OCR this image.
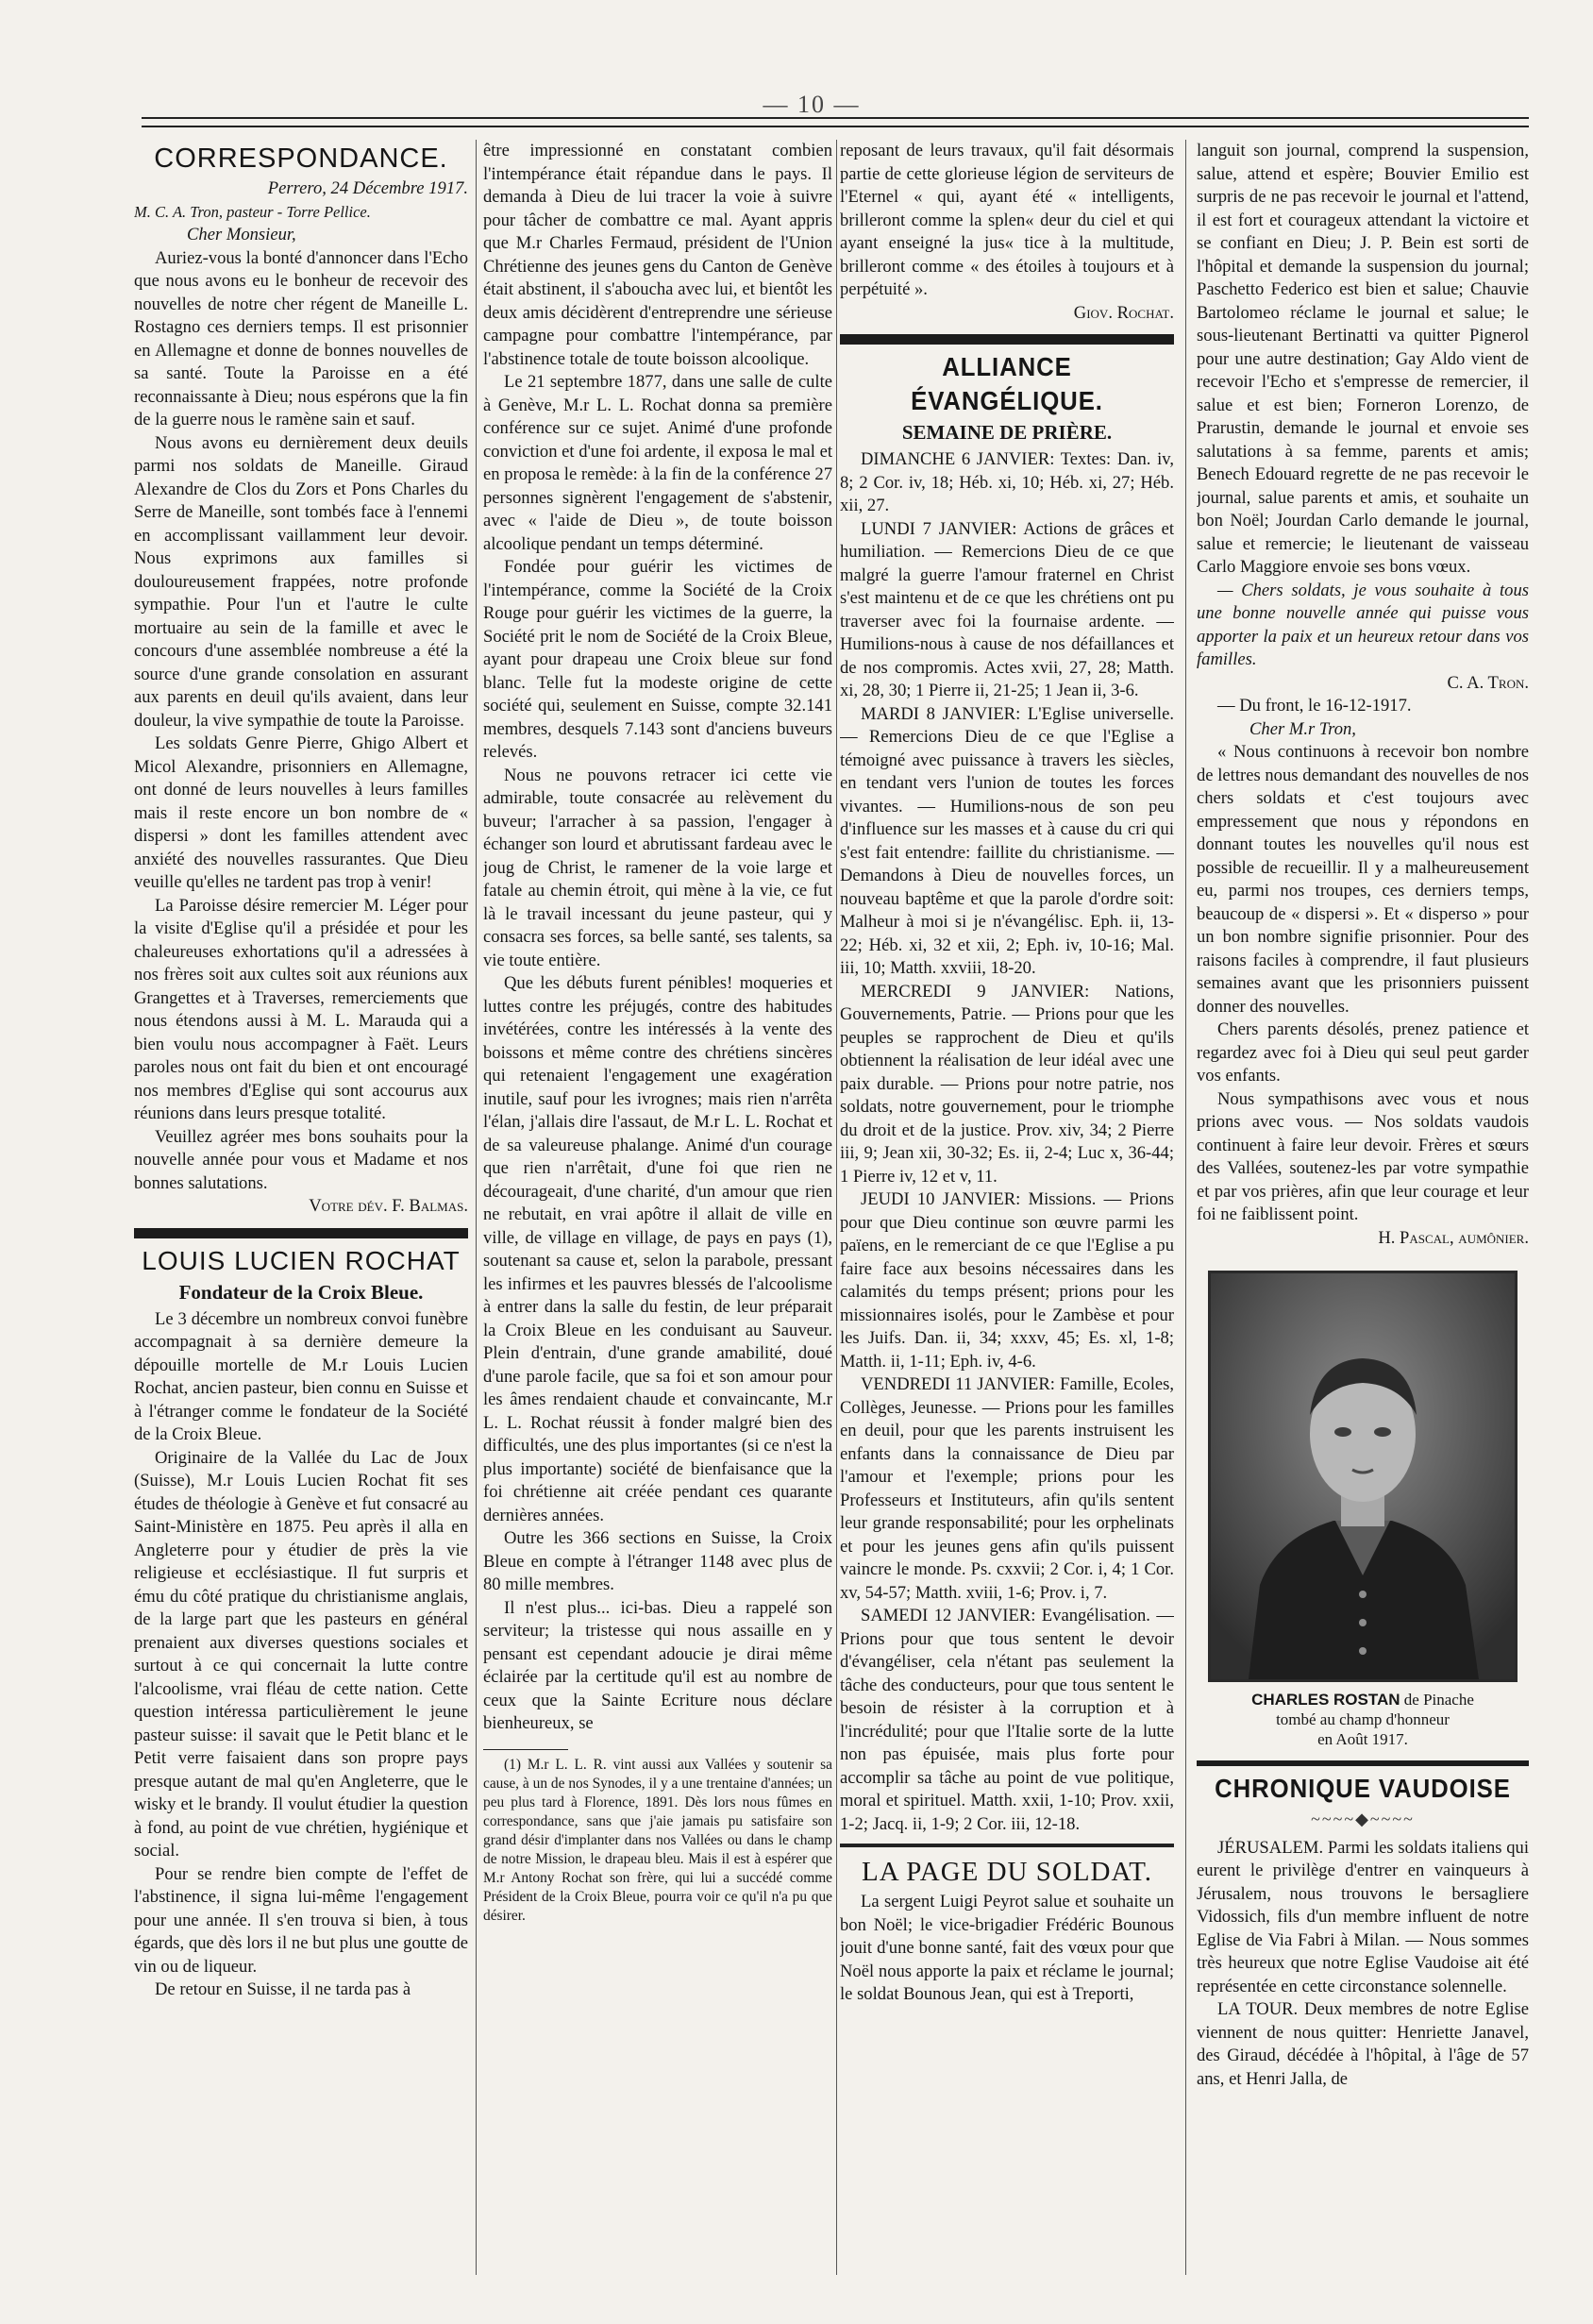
— 10 —
CORRESPONDANCE.

Perrero, 24 Décembre 1917.

M. C. A. Tron, pasteur - Torre Pellice.

Cher Monsieur,

Auriez-vous la bonté d'annoncer dans l'Echo que nous avons eu le bonheur de recevoir des nouvelles de notre cher régent de Maneille L. Rostagno ces derniers temps. Il est prisonnier en Allemagne et donne de bonnes nouvelles de sa santé. Toute la Paroisse en a été reconnaissante à Dieu; nous espérons que la fin de la guerre nous le ramène sain et sauf.

Nous avons eu dernièrement deux deuils parmi nos soldats de Maneille. Giraud Alexandre de Clos du Zors et Pons Charles du Serre de Maneille, sont tombés face à l'ennemi en accomplissant vaillamment leur devoir. Nous exprimons aux familles si douloureusement frappées, notre profonde sympathie. Pour l'un et l'autre le culte mortuaire au sein de la famille et avec le concours d'une assemblée nombreuse a été la source d'une grande consolation en assurant aux parents en deuil qu'ils avaient, dans leur douleur, la vive sympathie de toute la Paroisse.

Les soldats Genre Pierre, Ghigo Albert et Micol Alexandre, prisonniers en Allemagne, ont donné de leurs nouvelles à leurs familles mais il reste encore un bon nombre de « dispersi » dont les familles attendent avec anxiété des nouvelles rassurantes. Que Dieu veuille qu'elles ne tardent pas trop à venir!

La Paroisse désire remercier M. Léger pour la visite d'Eglise qu'il a présidée et pour les chaleureuses exhortations qu'il a adressées à nos frères soit aux cultes soit aux réunions aux Grangettes et à Traverses, remerciements que nous étendons aussi à M. L. Marauda qui a bien voulu nous accompagner à Faët. Leurs paroles nous ont fait du bien et ont encouragé nos membres d'Eglise qui sont accourus aux réunions dans leurs presque totalité.

Veuillez agréer mes bons souhaits pour la nouvelle année pour vous et Madame et nos bonnes salutations.

Votre dév. F. Balmas.

LOUIS LUCIEN ROCHAT
Fondateur de la Croix Bleue.

Le 3 décembre un nombreux convoi funèbre accompagnait à sa dernière demeure la dépouille mortelle de M.r Louis Lucien Rochat, ancien pasteur, bien connu en Suisse et à l'étranger comme le fondateur de la Société de la Croix Bleue.

Originaire de la Vallée du Lac de Joux (Suisse), M.r Louis Lucien Rochat fit ses études de théologie à Genève et fut consacré au Saint-Ministère en 1875. Peu après il alla en Angleterre pour y étudier de près la vie religieuse et ecclésiastique. Il fut surpris et ému du côté pratique du christianisme anglais, de la large part que les pasteurs en général prenaient aux diverses questions sociales et surtout à ce qui concernait la lutte contre l'alcoolisme, vrai fléau de cette nation. Cette question intéressa particulièrement le jeune pasteur suisse: il savait que le Petit blanc et le Petit verre faisaient dans son propre pays presque autant de mal qu'en Angleterre, que le wisky et le brandy. Il voulut étudier la question à fond, au point de vue chrétien, hygiénique et social.

Pour se rendre bien compte de l'effet de l'abstinence, il signa lui-même l'engagement pour une année. Il s'en trouva si bien, à tous égards, que dès lors il ne but plus une goutte de vin ou de liqueur.

De retour en Suisse, il ne tarda pas à

être impressionné en constatant combien l'intempérance était répandue dans le pays. Il demanda à Dieu de lui tracer la voie à suivre pour tâcher de combattre ce mal. Ayant appris que M.r Charles Fermaud, président de l'Union Chrétienne des jeunes gens du Canton de Genève était abstinent, il s'aboucha avec lui, et bientôt les deux amis décidèrent d'entreprendre une sérieuse campagne pour combattre l'intempérance, par l'abstinence totale de toute boisson alcoolique.

Le 21 septembre 1877, dans une salle de culte à Genève, M.r L. L. Rochat donna sa première conférence sur ce sujet. Animé d'une profonde conviction et d'une foi ardente, il exposa le mal et en proposa le remède: à la fin de la conférence 27 personnes signèrent l'engagement de s'abstenir, avec « l'aide de Dieu », de toute boisson alcoolique pendant un temps déterminé.

Fondée pour guérir les victimes de l'intempérance, comme la Société de la Croix Rouge pour guérir les victimes de la guerre, la Société prit le nom de Société de la Croix Bleue, ayant pour drapeau une Croix bleue sur fond blanc. Telle fut la modeste origine de cette société qui, seulement en Suisse, compte 32.141 membres, desquels 7.143 sont d'anciens buveurs relevés.

Nous ne pouvons retracer ici cette vie admirable, toute consacrée au relèvement du buveur; l'arracher à sa passion, l'engager à échanger son lourd et abrutissant fardeau avec le joug de Christ, le ramener de la voie large et fatale au chemin étroit, qui mène à la vie, ce fut là le travail incessant du jeune pasteur, qui y consacra ses forces, sa belle santé, ses talents, sa vie toute entière.

Que les débuts furent pénibles! moqueries et luttes contre les préjugés, contre des habitudes invétérées, contre les intéressés à la vente des boissons et même contre des chrétiens sincères qui retenaient l'engagement une exagération inutile, sauf pour les ivrognes; mais rien n'arrêta l'élan, j'allais dire l'assaut, de M.r L. L. Rochat et de sa valeureuse phalange. Animé d'un courage que rien n'arrêtait, d'une foi que rien ne décourageait, d'une charité, d'un amour que rien ne rebutait, en vrai apôtre il allait de ville en ville, de village en village, de pays en pays (1), soutenant sa cause et, selon la parabole, pressant les infirmes et les pauvres blessés de l'alcoolisme à entrer dans la salle du festin, de leur préparait la Croix Bleue en les conduisant au Sauveur. Plein d'entrain, d'une grande amabilité, doué d'une parole facile, que sa foi et son amour pour les âmes rendaient chaude et convaincante, M.r L. L. Rochat réussit à fonder malgré bien des difficultés, une des plus importantes (si ce n'est la plus importante) société de bienfaisance que la foi chrétienne ait créée pendant ces quarante dernières années.

Outre les 366 sections en Suisse, la Croix Bleue en compte à l'étranger 1148 avec plus de 80 mille membres.

Il n'est plus... ici-bas. Dieu a rappelé son serviteur; la tristesse qui nous assaille en y pensant est cependant adoucie je dirai même éclairée par la certitude qu'il est au nombre de ceux que la Sainte Ecriture nous déclare bienheureux, se

(1) M.r L. L. R. vint aussi aux Vallées y soutenir sa cause, à un de nos Synodes, il y a une trentaine d'années; un peu plus tard à Florence, 1891. Dès lors nous fûmes en correspondance, sans que j'aie jamais pu satisfaire son grand désir d'implanter dans nos Vallées ou dans le champ de notre Mission, le drapeau bleu. Mais il est à espérer que M.r Antony Rochat son frère, qui lui a succédé comme Président de la Croix Bleue, pourra voir ce qu'il n'a pu que désirer.

reposant de leurs travaux, qu'il fait désormais partie de cette glorieuse légion de serviteurs de l'Eternel « qui, ayant été « intelligents, brilleront comme la splen« deur du ciel et qui ayant enseigné la jus« tice à la multitude, brilleront comme « des étoiles à toujours et à perpétuité ».

Giov. Rochat.

ALLIANCE ÉVANGÉLIQUE.
SEMAINE DE PRIÈRE.

DIMANCHE 6 JANVIER: Textes: Dan. iv, 8; 2 Cor. iv, 18; Héb. xi, 10; Héb. xi, 27; Héb. xii, 27.

LUNDI 7 JANVIER: Actions de grâces et humiliation. — Remercions Dieu de ce que malgré la guerre l'amour fraternel en Christ s'est maintenu et de ce que les chrétiens ont pu traverser avec foi la fournaise ardente. — Humilions-nous à cause de nos défaillances et de nos compromis. Actes xvii, 27, 28; Matth. xi, 28, 30; 1 Pierre ii, 21-25; 1 Jean ii, 3-6.

MARDI 8 JANVIER: L'Eglise universelle. — Remercions Dieu de ce que l'Eglise a témoigné avec puissance à travers les siècles, en tendant vers l'union de toutes les forces vivantes. — Humilions-nous de son peu d'influence sur les masses et à cause du cri qui s'est fait entendre: faillite du christianisme. — Demandons à Dieu de nouvelles forces, un nouveau baptême et que la parole d'ordre soit: Malheur à moi si je n'évangélisc. Eph. ii, 13-22; Héb. xi, 32 et xii, 2; Eph. iv, 10-16; Mal. iii, 10; Matth. xxviii, 18-20.

MERCREDI 9 JANVIER: Nations, Gouvernements, Patrie. — Prions pour que les peuples se rapprochent de Dieu et qu'ils obtiennent la réalisation de leur idéal avec une paix durable. — Prions pour notre patrie, nos soldats, notre gouvernement, pour le triomphe du droit et de la justice. Prov. xiv, 34; 2 Pierre iii, 9; Jean xii, 30-32; Es. ii, 2-4; Luc x, 36-44; 1 Pierre iv, 12 et v, 11.

JEUDI 10 JANVIER: Missions. — Prions pour que Dieu continue son œuvre parmi les païens, en le remerciant de ce que l'Eglise a pu faire face aux besoins nécessaires dans les calamités du temps présent; prions pour les missionnaires isolés, pour le Zambèse et pour les Juifs. Dan. ii, 34; xxxv, 45; Es. xl, 1-8; Matth. ii, 1-11; Eph. iv, 4-6.

VENDREDI 11 JANVIER: Famille, Ecoles, Collèges, Jeunesse. — Prions pour les familles en deuil, pour que les parents instruisent les enfants dans la connaissance de Dieu par l'amour et l'exemple; prions pour les Professeurs et Instituteurs, afin qu'ils sentent leur grande responsabilité; pour les orphelinats et pour les jeunes gens afin qu'ils puissent vaincre le monde. Ps. cxxvii; 2 Cor. i, 4; 1 Cor. xv, 54-57; Matth. xviii, 1-6; Prov. i, 7.

SAMEDI 12 JANVIER: Evangélisation. — Prions pour que tous sentent le devoir d'évangéliser, cela n'étant pas seulement la tâche des conducteurs, pour que tous sentent le besoin de résister à la corruption et à l'incrédulité; pour que l'Italie sorte de la lutte non pas épuisée, mais plus forte pour accomplir sa tâche au point de vue politique, moral et spirituel. Matth. xxii, 1-10; Prov. xxii, 1-2; Jacq. ii, 1-9; 2 Cor. iii, 12-18.

LA PAGE DU SOLDAT.

La sergent Luigi Peyrot salue et souhaite un bon Noël; le vice-brigadier Frédéric Bounous jouit d'une bonne santé, fait des vœux pour que Noël nous apporte la paix et réclame le journal; le soldat Bounous Jean, qui est à Treporti,

languit son journal, comprend la suspension, salue, attend et espère; Bouvier Emilio est surpris de ne pas recevoir le journal et l'attend, il est fort et courageux attendant la victoire et se confiant en Dieu; J. P. Bein est sorti de l'hôpital et demande la suspension du journal; Paschetto Federico est bien et salue; Chauvie Bartolomeo réclame le journal et salue; le sous-lieutenant Bertinatti va quitter Pignerol pour une autre destination; Gay Aldo vient de recevoir l'Echo et s'empresse de remercier, il salue et est bien; Forneron Lorenzo, de Prarustin, demande le journal et envoie ses salutations à sa femme, parents et amis; Benech Edouard regrette de ne pas recevoir le journal, salue parents et amis, et souhaite un bon Noël; Jourdan Carlo demande le journal, salue et remercie; le lieutenant de vaisseau Carlo Maggiore envoie ses bons vœux.

— Chers soldats, je vous souhaite à tous une bonne nouvelle année qui puisse vous apporter la paix et un heureux retour dans vos familles.

C. A. Tron.

— Du front, le 16-12-1917.

Cher M.r Tron,

« Nous continuons à recevoir bon nombre de lettres nous demandant des nouvelles de nos chers soldats et c'est toujours avec empressement que nous y répondons en donnant toutes les nouvelles qu'il nous est possible de recueillir. Il y a malheureusement eu, parmi nos troupes, ces derniers temps, beaucoup de « dispersi ». Et « disperso » pour un bon nombre signifie prisonnier. Pour des raisons faciles à comprendre, il faut plusieurs semaines avant que les prisonniers puissent donner des nouvelles.

Chers parents désolés, prenez patience et regardez avec foi à Dieu qui seul peut garder vos enfants.

Nous sympathisons avec vous et nous prions avec vous. — Nos soldats vaudois continuent à faire leur devoir. Frères et sœurs des Vallées, soutenez-les par votre sympathie et par vos prières, afin que leur courage et leur foi ne faiblissent point.

H. Pascal, aumônier.

CHARLES ROSTAN de Pinache
tombé au champ d'honneur
en Août 1917.
CHRONIQUE VAUDOISE
~~~~◆~~~~

JÉRUSALEM. Parmi les soldats italiens qui eurent le privilège d'entrer en vainqueurs à Jérusalem, nous trouvons le bersagliere Vidossich, fils d'un membre influent de notre Eglise de Via Fabri à Milan. — Nous sommes très heureux que notre Eglise Vaudoise ait été représentée en cette circonstance solennelle.

LA TOUR. Deux membres de notre Eglise viennent de nous quitter: Henriette Janavel, des Giraud, décédée à l'hôpital, à l'âge de 57 ans, et Henri Jalla, de
